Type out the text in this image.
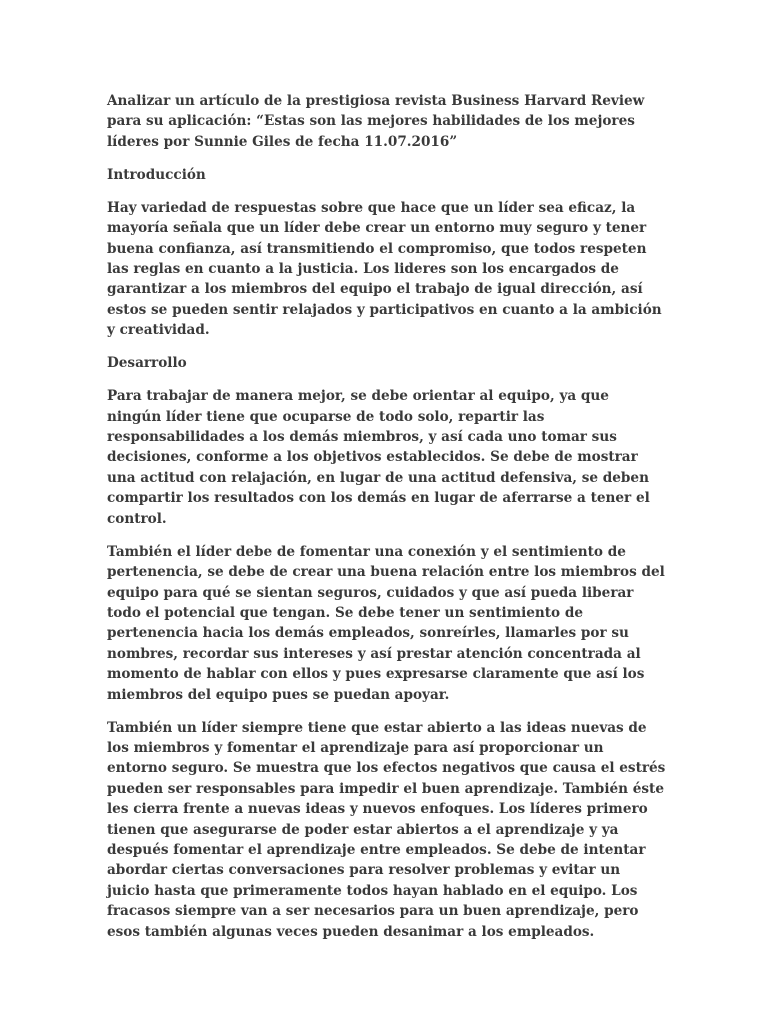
Analizar un artículo de la prestigiosa revista Business Harvard Review para su aplicación: “Estas son las mejores habilidades de los mejores líderes por Sunnie Giles de fecha 11.07.2016”

Introducción

Hay variedad de respuestas sobre que hace que un líder sea eficaz, la mayoría señala que un líder debe crear un entorno muy seguro y tener buena confianza, así transmitiendo el compromiso, que todos respeten las reglas en cuanto a la justicia. Los lideres son los encargados de garantizar a los miembros del equipo el trabajo de igual dirección, así estos se pueden sentir relajados y participativos en cuanto a la ambición y creatividad.

Desarrollo

Para trabajar de manera mejor, se debe orientar al equipo, ya que ningún líder tiene que ocuparse de todo solo, repartir las responsabilidades a los demás miembros, y así cada uno tomar sus decisiones, conforme a los objetivos establecidos. Se debe de mostrar una actitud con relajación, en lugar de una actitud defensiva, se deben compartir los resultados con los demás en lugar de aferrarse a tener el control.

También el líder debe de fomentar una conexión y el sentimiento de pertenencia, se debe de crear una buena relación entre los miembros del equipo para qué se sientan seguros, cuidados y que así pueda liberar todo el potencial que tengan. Se debe tener un sentimiento de pertenencia hacia los demás empleados, sonreírles, llamarles por su nombres, recordar sus intereses y así prestar atención concentrada al momento de hablar con ellos y pues expresarse claramente que así los miembros del equipo pues se puedan apoyar.

También un líder siempre tiene que estar abierto a las ideas nuevas de los miembros y fomentar el aprendizaje para así proporcionar un entorno seguro. Se muestra que los efectos negativos que causa el estrés pueden ser responsables para impedir el buen aprendizaje. También éste les cierra frente a nuevas ideas y nuevos enfoques. Los líderes primero tienen que asegurarse de poder estar abiertos a el aprendizaje y ya después fomentar el aprendizaje entre empleados. Se debe de intentar abordar ciertas conversaciones para resolver problemas y evitar un juicio hasta que primeramente todos hayan hablado en el equipo. Los fracasos siempre van a ser necesarios para un buen aprendizaje, pero esos también algunas veces pueden desanimar a los empleados.
